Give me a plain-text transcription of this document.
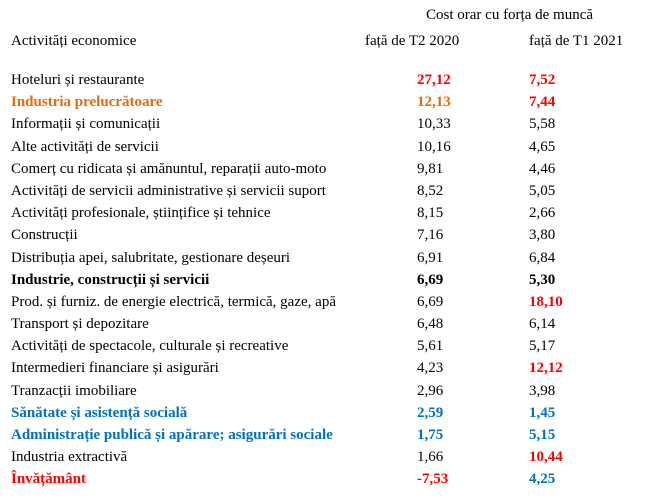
Cost orar cu forța de muncă
Activități economice	față de T2 2020	față de T1 2021
Hoteluri și restaurante	27,12	7,52
Industria prelucrătoare	12,13	7,44
Informații și comunicații	10,33	5,58
Alte activități de servicii	10,16	4,65
Comerț cu ridicata și amănuntul, reparații auto-moto	9,81	4,46
Activități de servicii administrative și servicii suport	8,52	5,05
Activități profesionale, științifice și tehnice	8,15	2,66
Construcții	7,16	3,80
Distribuția apei, salubritate, gestionare deșeuri	6,91	6,84
Industrie, construcții și servicii	6,69	5,30
Prod. și furniz. de energie electrică, termică, gaze, apă	6,69	18,10
Transport și depozitare	6,48	6,14
Activități de spectacole, culturale și recreative	5,61	5,17
Intermedieri financiare și asigurări	4,23	12,12
Tranzacții imobiliare	2,96	3,98
Sănătate și asistență socială	2,59	1,45
Administrație publică și apărare; asigurări sociale	1,75	5,15
Industria extractivă	1,66	10,44
Învățământ	-7,53	4,25
